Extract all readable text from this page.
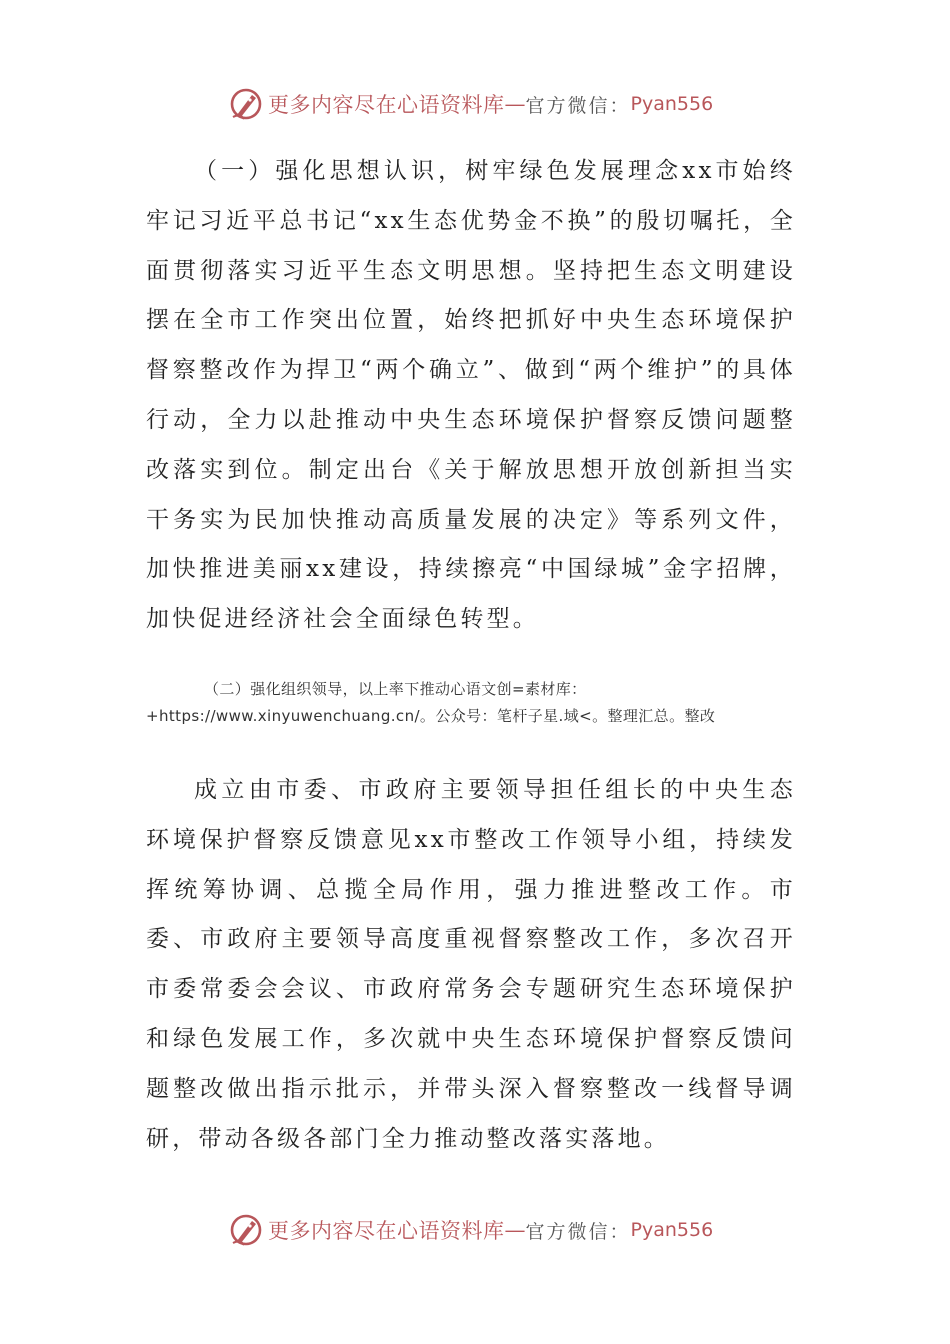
更多内容尽在心语资料库 — 官方微信： Pyan556

（一）强化思想认识，树牢绿色发展理念xx市始终牢记习近平总书记“xx生态优势金不换”的殷切嘱托，全面贯彻落实习近平生态文明思想。坚持把生态文明建设摆在全市工作突出位置，始终把抓好中央生态环境保护督察整改作为捍卫“两个确立”、做到“两个维护”的具体行动，全力以赴推动中央生态环境保护督察反馈问题整改落实到位。制定出台《关于解放思想开放创新担当实干务实为民加快推动高质量发展的决定》等系列文件，加快推进美丽xx建设，持续擦亮“中国绿城”金字招牌，加快促进经济社会全面绿色转型。

（二）强化组织领导，以上率下推动心语文创=素材库：+https://www.xinyuwenchuang.cn/。公众号：笔杆子星.域<。整理汇总。整改

成立由市委、市政府主要领导担任组长的中央生态环境保护督察反馈意见xx市整改工作领导小组，持续发挥统筹协调、总揽全局作用，强力推进整改工作。市委、市政府主要领导高度重视督察整改工作，多次召开市委常委会会议、市政府常务会专题研究生态环境保护和绿色发展工作，多次就中央生态环境保护督察反馈问题整改做出指示批示，并带头深入督察整改一线督导调研，带动各级各部门全力推动整改落实落地。

更多内容尽在心语资料库 — 官方微信： Pyan556
